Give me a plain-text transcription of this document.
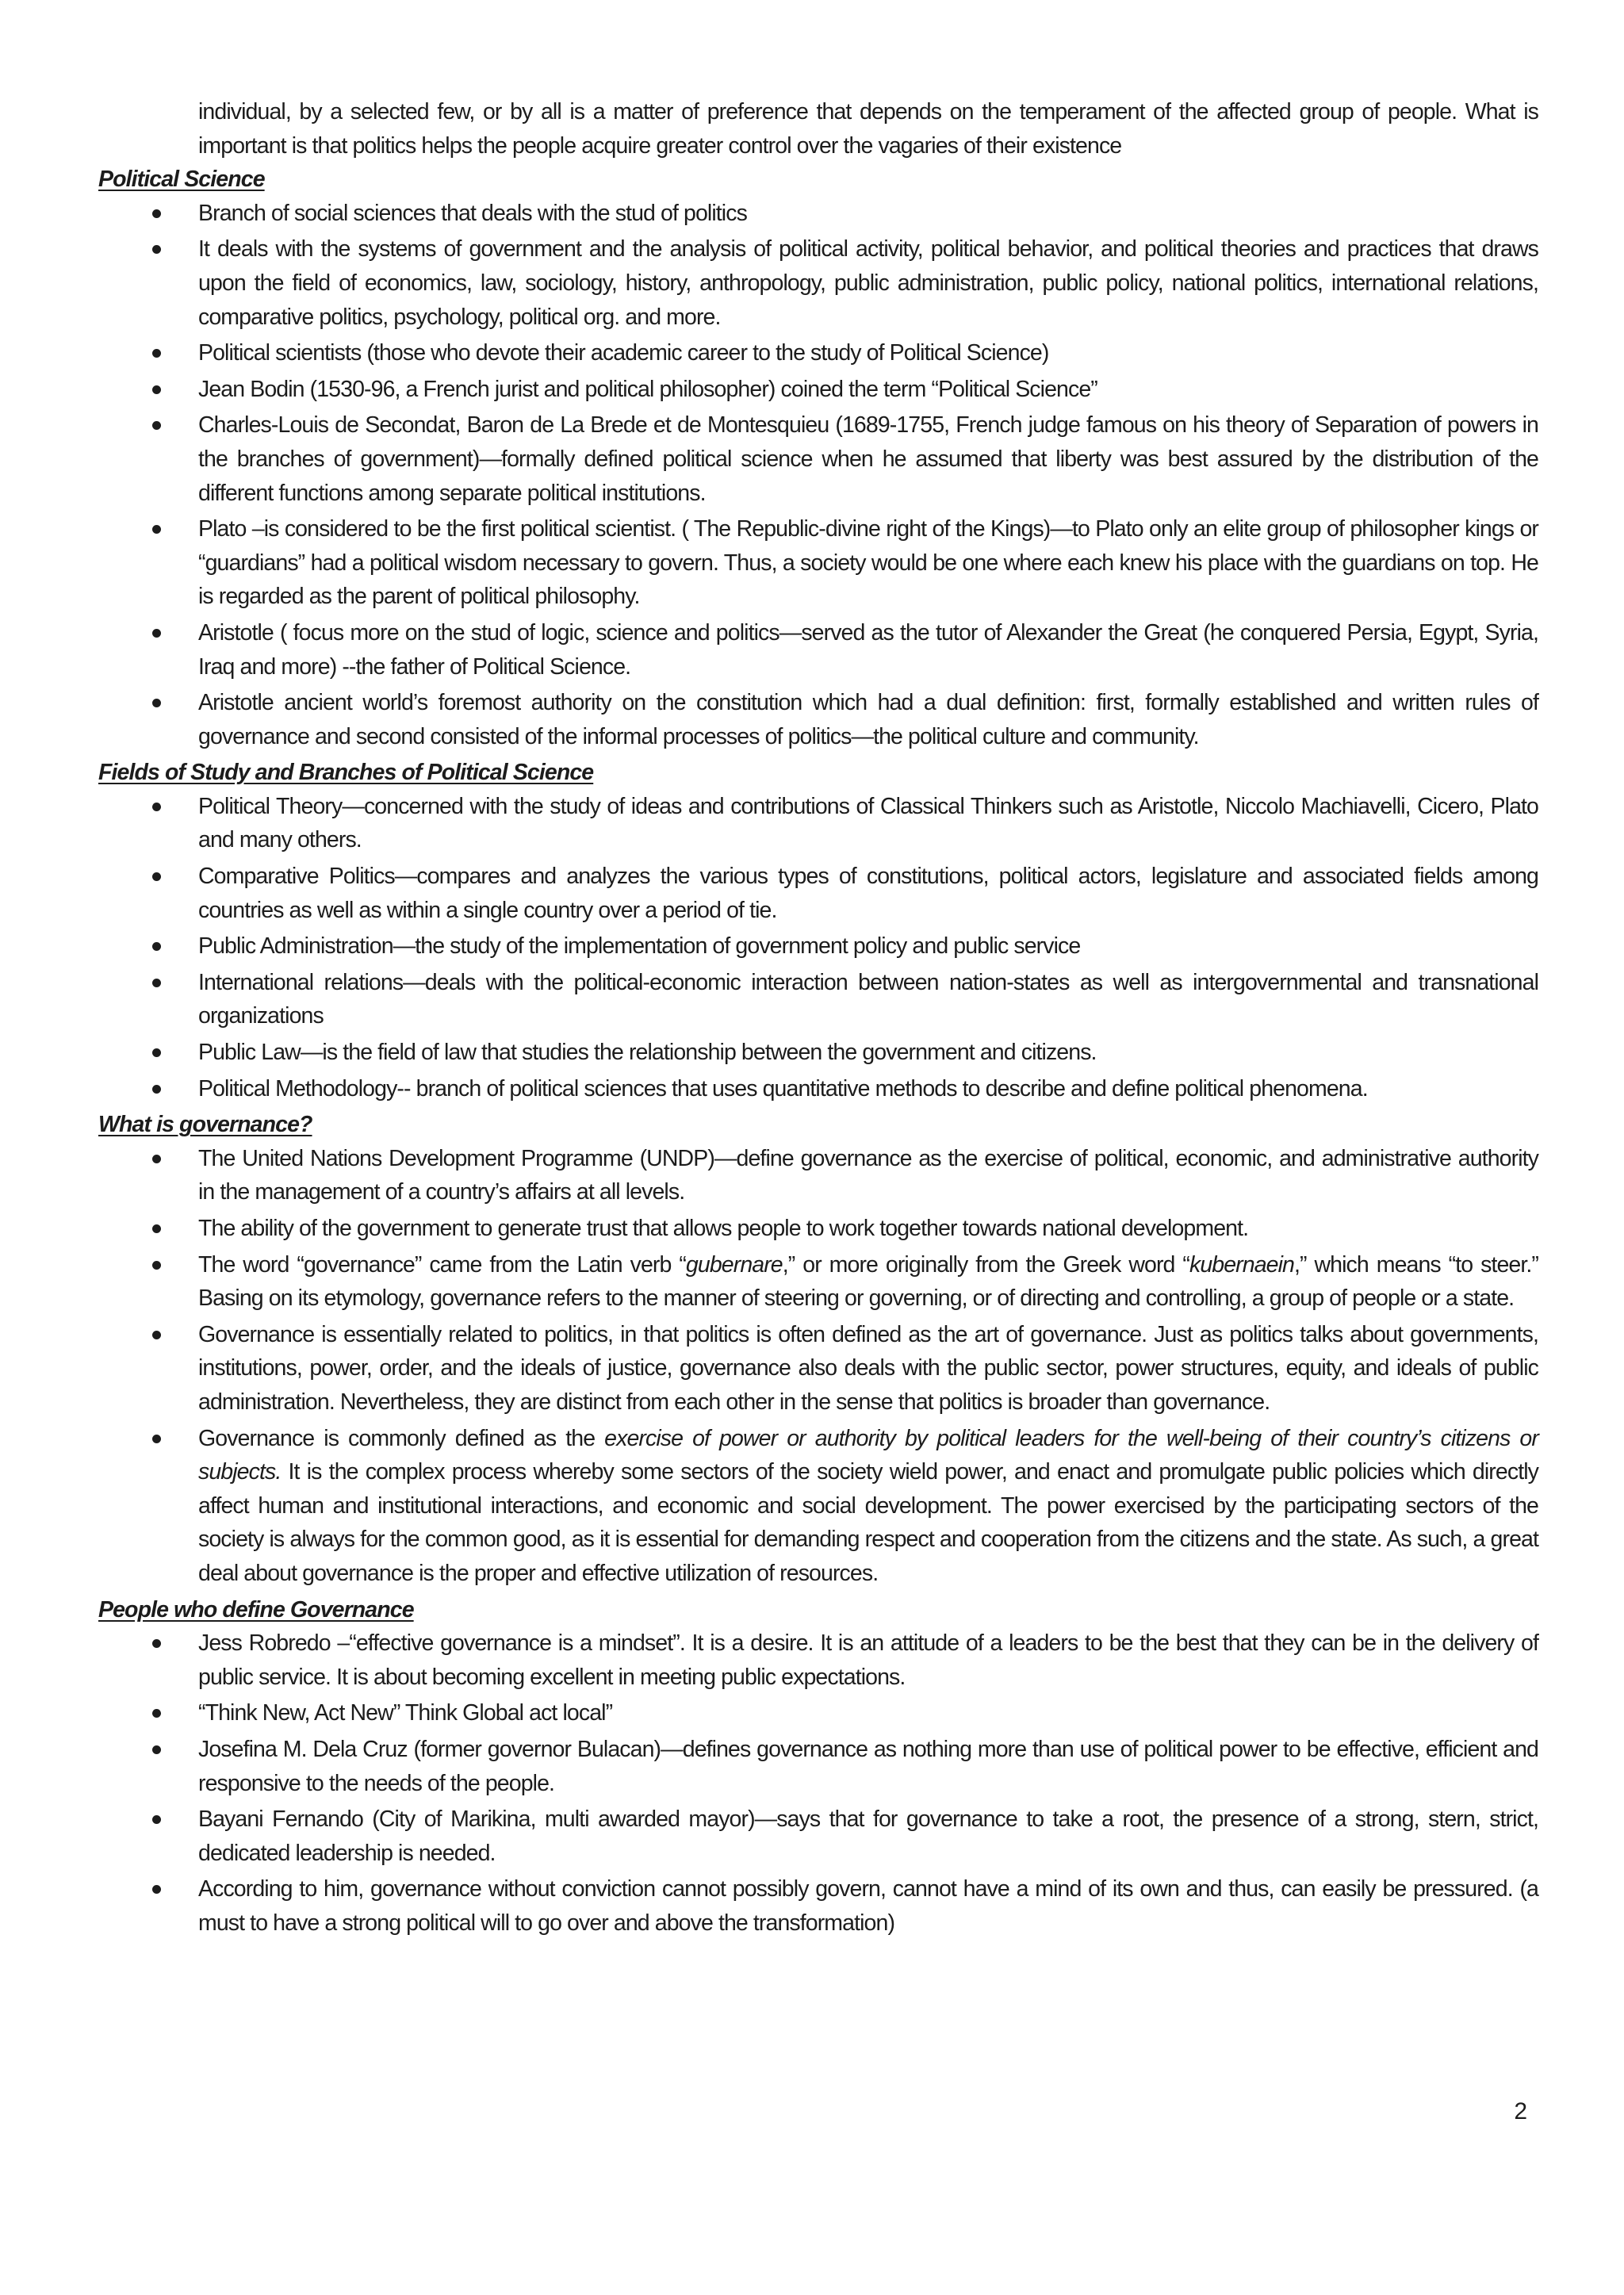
individual, by a selected few, or by all is a matter of preference that depends on the temperament of the affected group of people. What is important is that politics helps the people acquire greater control over the vagaries of their existence

Political Science
Branch of social sciences that deals with the stud of politics
It deals with the systems of government and the analysis of political activity, political behavior, and political theories and practices that draws upon the field of economics, law, sociology, history, anthropology, public administration, public policy, national politics, international relations, comparative politics, psychology, political org. and more.
Political scientists (those who devote their academic career to the study of Political Science)
Jean Bodin (1530-96, a French jurist and political philosopher) coined the term “Political Science”
Charles-Louis de Secondat, Baron de La Brede et de Montesquieu (1689-1755, French judge famous on his theory of Separation of powers in the branches of government)—formally defined political science when he assumed that liberty was best assured by the distribution of the different functions among separate political institutions.
Plato –is considered to be the first political scientist. ( The Republic-divine right of the Kings)—to Plato only an elite group of philosopher kings or “guardians” had a political wisdom necessary to govern. Thus, a society would be one where each knew his place with the guardians on top. He is regarded as the parent of political philosophy.
Aristotle ( focus more on the stud of logic, science and politics—served as the tutor of Alexander the Great (he conquered Persia, Egypt, Syria, Iraq and more) --the father of Political Science.
Aristotle ancient world’s foremost authority on the constitution which had a dual definition: first, formally established and written rules of governance and second consisted of the informal processes of politics—the political culture and community.
Fields of Study and Branches of Political Science
Political Theory—concerned with the study of ideas and contributions of Classical Thinkers such as Aristotle, Niccolo Machiavelli, Cicero, Plato and many others.
Comparative Politics—compares and analyzes the various types of constitutions, political actors, legislature and associated fields among countries as well as within a single country over a period of tie.
Public Administration—the study of the implementation of government policy and public service
International relations—deals with the political-economic interaction between nation-states as well as intergovernmental and transnational organizations
Public Law—is the field of law that studies the relationship between the government and citizens.
Political Methodology-- branch of political sciences that uses quantitative methods to describe and define political phenomena.
What is governance?
The United Nations Development Programme (UNDP)—define governance as the exercise of political, economic, and administrative authority in the management of a country’s affairs at all levels.
The ability of the government to generate trust that allows people to work together towards national development.
The word “governance” came from the Latin verb “gubernare,” or more originally from the Greek word “kubernaein,” which means “to steer.” Basing on its etymology, governance refers to the manner of steering or governing, or of directing and controlling, a group of people or a state.
Governance is essentially related to politics, in that politics is often defined as the art of governance. Just as politics talks about governments, institutions, power, order, and the ideals of justice, governance also deals with the public sector, power structures, equity, and ideals of public administration. Nevertheless, they are distinct from each other in the sense that politics is broader than governance.
Governance is commonly defined as the exercise of power or authority by political leaders for the well-being of their country’s citizens or subjects. It is the complex process whereby some sectors of the society wield power, and enact and promulgate public policies which directly affect human and institutional interactions, and economic and social development. The power exercised by the participating sectors of the society is always for the common good, as it is essential for demanding respect and cooperation from the citizens and the state. As such, a great deal about governance is the proper and effective utilization of resources.
People who define Governance
Jess Robredo –“effective governance is a mindset”. It is a desire. It is an attitude of a leaders to be the best that they can be in the delivery of public service. It is about becoming excellent in meeting public expectations.
“Think New, Act New” Think Global act local”
Josefina M. Dela Cruz (former governor Bulacan)—defines governance as nothing more than use of political power to be effective, efficient and responsive to the needs of the people.
Bayani Fernando (City of Marikina, multi awarded mayor)—says that for governance to take a root, the presence of a strong, stern, strict, dedicated leadership is needed.
According to him, governance without conviction cannot possibly govern, cannot have a mind of its own and thus, can easily be pressured. (a must to have a strong political will to go over and above the transformation)
2
